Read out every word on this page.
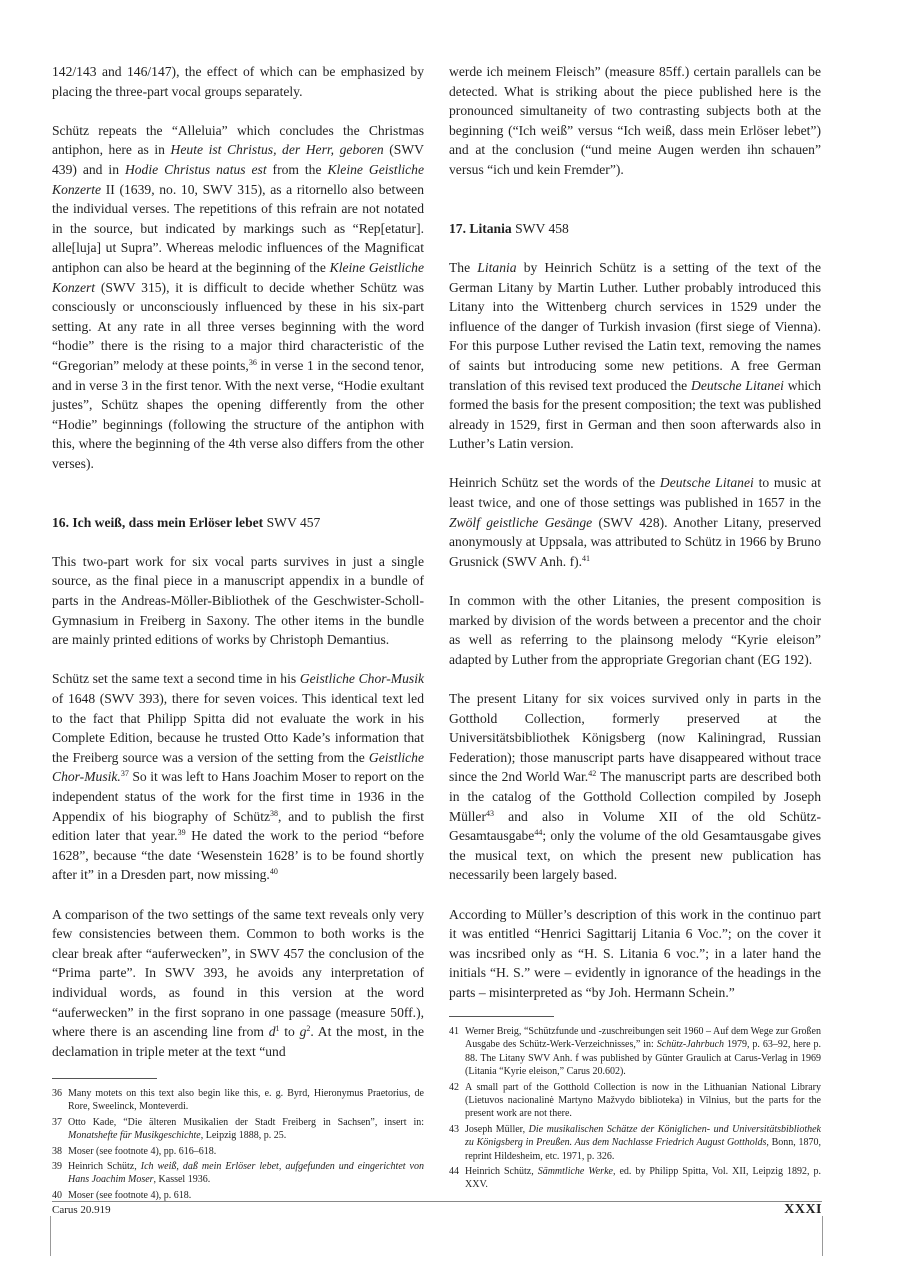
142/143 and 146/147), the effect of which can be emphasized by placing the three-part vocal groups separately.

Schütz repeats the “Alleluia” which concludes the Christmas antiphon, here as in Heute ist Christus, der Herr, geboren (SWV 439) and in Hodie Christus natus est from the Kleine Geistliche Konzerte II (1639, no. 10, SWV 315), as a ritornello also between the individual verses. The repetitions of this refrain are not notated in the source, but indicated by markings such as “Rep[etatur]. alle[luja] ut Supra”. Whereas melodic influences of the Magnificat antiphon can also be heard at the beginning of the Kleine Geistliche Konzert (SWV 315), it is difficult to decide whether Schütz was consciously or unconsciously influenced by these in his six-part setting. At any rate in all three verses beginning with the word “hodie” there is the rising to a major third characteristic of the “Gregorian” melody at these points,$^{36}$ in verse 1 in the second tenor, and in verse 3 in the first tenor. With the next verse, “Hodie exultant justes”, Schütz shapes the opening differently from the other “Hodie” beginnings (following the structure of the antiphon with this, where the beginning of the 4th verse also differs from the other verses).

16. Ich weiß, dass mein Erlöser lebet SWV 457

This two-part work for six vocal parts survives in just a single source, as the final piece in a manuscript appendix in a bundle of parts in the Andreas-Möller-Bibliothek of the Geschwister-Scholl-Gymnasium in Freiberg in Saxony. The other items in the bundle are mainly printed editions of works by Christoph Demantius.

Schütz set the same text a second time in his Geistliche Chor-Musik of 1648 (SWV 393), there for seven voices. This identical text led to the fact that Philipp Spitta did not evaluate the work in his Complete Edition, because he trusted Otto Kade’s information that the Freiberg source was a version of the setting from the Geistliche Chor-Musik.$^{37}$ So it was left to Hans Joachim Moser to report on the independent status of the work for the first time in 1936 in the Appendix of his biography of Schütz$^{38}$, and to publish the first edition later that year.$^{39}$ He dated the work to the period “before 1628”, because “the date ‘Wesenstein 1628’ is to be found shortly after it” in a Dresden part, now missing.$^{40}$

A comparison of the two settings of the same text reveals only very few consistencies between them. Common to both works is the clear break after “auferwecken”, in SWV 457 the conclusion of the “Prima parte”. In SWV 393, he avoids any interpretation of individual words, as found in this version at the word “auferwecken” in the first soprano in one passage (measure 50ff.), where there is an ascending line from $d^1$ to $g^2$. At the most, in the declamation in triple meter at the text “und

36 Many motets on this text also begin like this, e. g. Byrd, Hieronymus Praetorius, de Rore, Sweelinck, Monteverdi.
37 Otto Kade, “Die älteren Musikalien der Stadt Freiberg in Sachsen”, insert in: Monatshefte für Musikgeschichte, Leipzig 1888, p. 25.
38 Moser (see footnote 4), pp. 616–618.
39 Heinrich Schütz, Ich weiß, daß mein Erlöser lebet, aufgefunden und eingerichtet von Hans Joachim Moser, Kassel 1936.
40 Moser (see footnote 4), p. 618.

werde ich meinem Fleisch” (measure 85ff.) certain parallels can be detected. What is striking about the piece published here is the pronounced simultaneity of two contrasting subjects both at the beginning (“Ich weiß” versus “Ich weiß, dass mein Erlöser lebet”) and at the conclusion (“und meine Augen werden ihn schauen” versus “ich und kein Fremder”).

17. Litania SWV 458

The Litania by Heinrich Schütz is a setting of the text of the German Litany by Martin Luther. Luther probably introduced this Litany into the Wittenberg church services in 1529 under the influence of the danger of Turkish invasion (first siege of Vienna). For this purpose Luther revised the Latin text, removing the names of saints but introducing some new petitions. A free German translation of this revised text produced the Deutsche Litanei which formed the basis for the present composition; the text was published already in 1529, first in German and then soon afterwards also in Luther’s Latin version.

Heinrich Schütz set the words of the Deutsche Litanei to music at least twice, and one of those settings was published in 1657 in the Zwölf geistliche Gesänge (SWV 428). Another Litany, preserved anonymously at Uppsala, was attributed to Schütz in 1966 by Bruno Grusnick (SWV Anh. f).$^{41}$

In common with the other Litanies, the present composition is marked by division of the words between a precentor and the choir as well as referring to the plainsong melody “Kyrie eleison” adapted by Luther from the appropriate Gregorian chant (EG 192).

The present Litany for six voices survived only in parts in the Gotthold Collection, formerly preserved at the Universitätsbibliothek Königsberg (now Kaliningrad, Russian Federation); those manuscript parts have disappeared without trace since the 2nd World War.$^{42}$ The manuscript parts are described both in the catalog of the Gotthold Collection compiled by Joseph Müller$^{43}$ and also in Volume XII of the old Schütz-Gesamtausgabe$^{44}$; only the volume of the old Gesamtausgabe gives the musical text, on which the present new publication has necessarily been largely based.

According to Müller’s description of this work in the continuo part it was entitled “Henrici Sagittarij Litania 6 Voc.”; on the cover it was incsribed only as “H. S. Litania 6 voc.”; in a later hand the initials “H. S.” were – evidently in ignorance of the headings in the parts – misinterpreted as “by Joh. Hermann Schein.”

41 Werner Breig, “Schützfunde und -zuschreibungen seit 1960 – Auf dem Wege zur Großen Ausgabe des Schütz-Werk-Verzeichnisses,” in: Schütz-Jahrbuch 1979, p. 63–92, here p. 88. The Litany SWV Anh. f was published by Günter Graulich at Carus-Verlag in 1969 (Litania “Kyrie eleison,” Carus 20.602).
42 A small part of the Gotthold Collection is now in the Lithuanian National Library (Lietuvos nacionalinė Martyno Mažvydo biblioteka) in Vilnius, but the parts for the present work are not there.
43 Joseph Müller, Die musikalischen Schätze der Königlichen- und Universitätsbibliothek zu Königsberg in Preußen. Aus dem Nachlasse Friedrich August Gottholds, Bonn, 1870, reprint Hildesheim, etc. 1971, p. 326.
44 Heinrich Schütz, Sämmtliche Werke, ed. by Philipp Spitta, Vol. XII, Leipzig 1892, p. XXV.
Carus 20.919	XXXI
